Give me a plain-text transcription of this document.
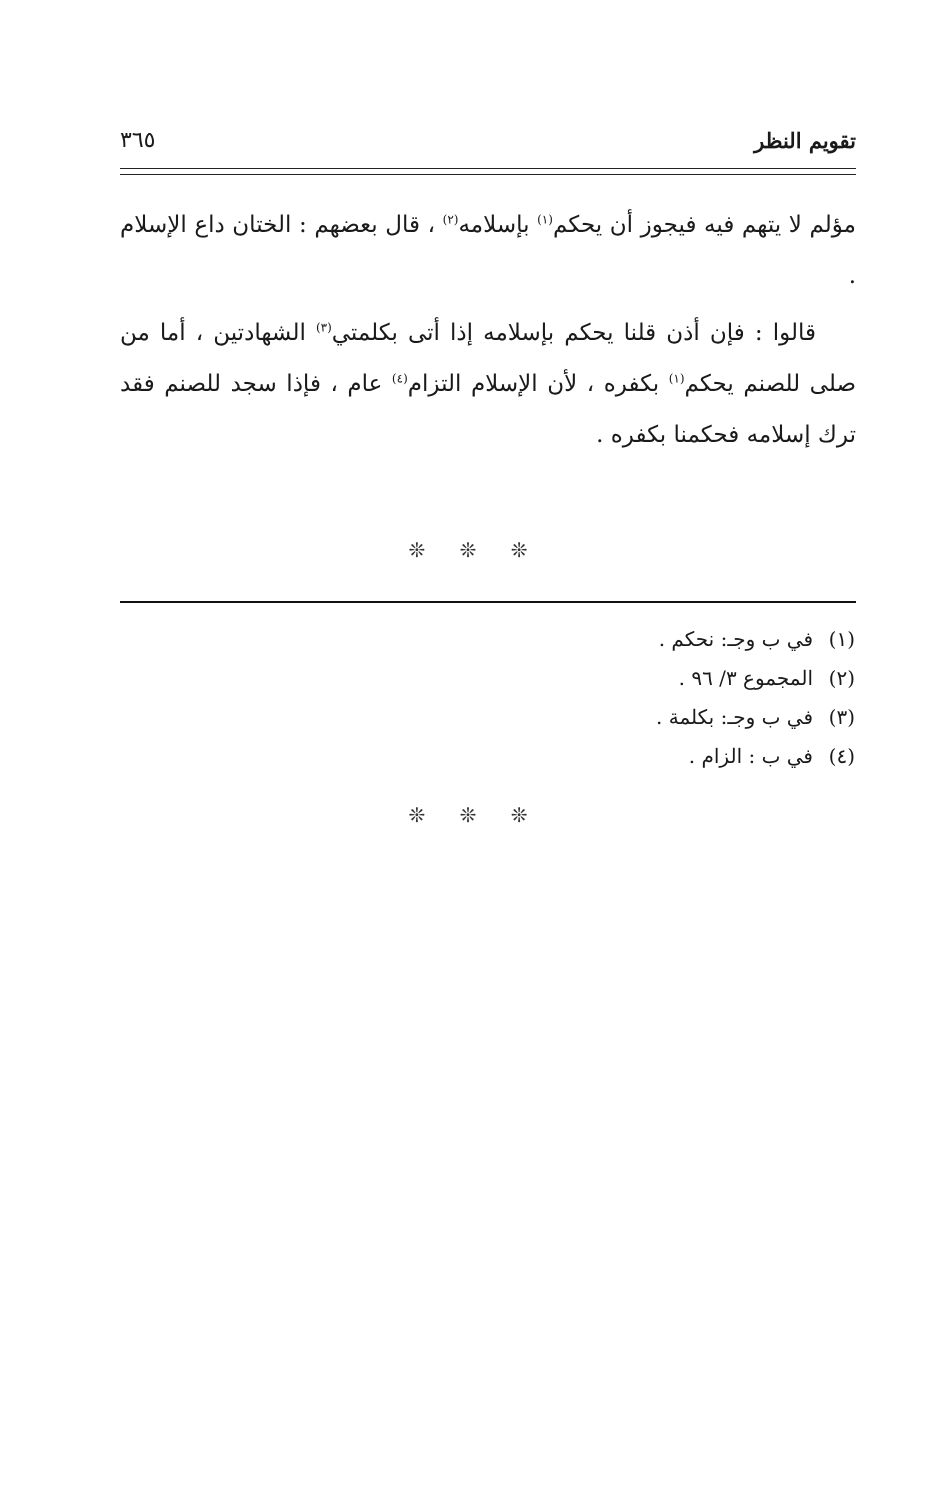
تقويم النظر
٣٦٥

مؤلم لا يتهم فيه فيجوز أن يحكم$^{(١)}$ بإسلامه$^{(٢)}$ ، قال بعضهم : الختان داع الإسلام .

قالوا : فإن أذن قلنا يحكم بإسلامه إذا أتى بكلمتي$^{(٣)}$ الشهادتين ، أما من صلى للصنم يحكم$^{(١)}$ بكفره ، لأن الإسلام التزام$^{(٤)}$ عام ، فإذا سجد للصنم فقد ترك إسلامه فحكمنا بكفره .

❊ ❊ ❊
(١)في ب وجـ: نحكم .
(٢)المجموع ٣/ ٩٦ .
(٣)في ب وجـ: بكلمة .
(٤)في ب : الزام .
❊ ❊ ❊
